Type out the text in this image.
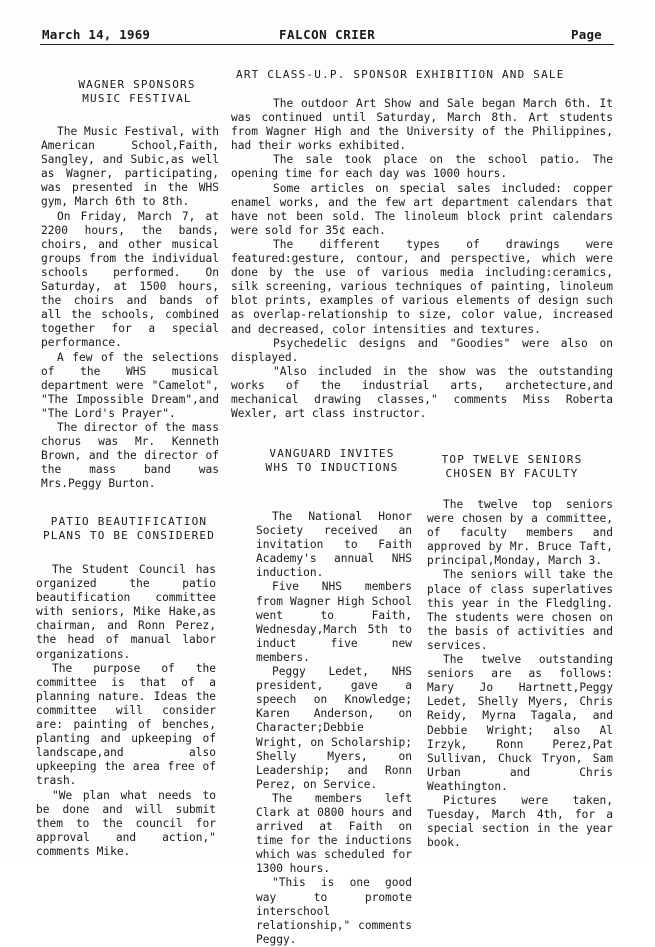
March 14, 1969	FALCON CRIER	Page
WAGNER SPONSORS
MUSIC FESTIVAL

The Music Festival, with American School,Faith, Sangley, and Subic,as well as Wagner, participating, was presented in the WHS gym, March 6th to 8th.

On Friday, March 7, at 2200 hours, the bands, choirs, and other musical groups from the individual schools performed. On Saturday, at 1500 hours, the choirs and bands of all the schools, combined together for a special performance.

A few of the selections of the WHS musical department were "Camelot", "The Impossible Dream",and "The Lord's Prayer".

The director of the mass chorus was Mr. Kenneth Brown, and the director of the mass band was Mrs.Peggy Burton.

ART CLASS-U.P. SPONSOR EXHIBITION AND SALE

The outdoor Art Show and Sale began March 6th. It was continued until Saturday, March 8th. Art students from Wagner High and the University of the Philippines, had their works exhibited.

The sale took place on the school patio. The opening time for each day was 1000 hours.

Some articles on special sales included: copper enamel works, and the few art department calendars that have not been sold. The linoleum block print calendars were sold for 35¢ each.

The different types of drawings were featured:gesture, contour, and perspective, which were done by the use of various media including:ceramics, silk screening, various techniques of painting, linoleum blot prints, examples of various elements of design such as overlap-relationship to size, color value, increased and decreased, color intensities and textures.

Psychedelic designs and "Goodies" were also on displayed.

"Also included in the show was the outstanding works of the industrial arts, archetecture,and mechanical drawing classes," comments Miss Roberta Wexler, art class instructor.

PATIO BEAUTIFICATION
PLANS TO BE CONSIDERED

The Student Council has organized the patio beautification committee with seniors, Mike Hake,as chairman, and Ronn Perez, the head of manual labor organizations.

The purpose of the committee is that of a planning nature. Ideas the committee will consider are: painting of benches, planting and upkeeping of landscape,and also upkeeping the area free of trash.

"We plan what needs to be done and will submit them to the council for approval and action," comments Mike.

VANGUARD INVITES
WHS TO INDUCTIONS

The National Honor Society received an invitation to Faith Academy's annual NHS induction.

Five NHS members from Wagner High School went to Faith, Wednesday,March 5th to induct five new members.

Peggy Ledet, NHS president, gave a speech on Knowledge; Karen Anderson, on Character;Debbie Wright, on Scholarship; Shelly Myers, on Leadership; and Ronn Perez, on Service.

The members left Clark at 0800 hours and arrived at Faith on time for the inductions which was scheduled for 1300 hours.

"This is one good way to promote interschool relationship," comments Peggy.

TOP TWELVE SENIORS
CHOSEN BY FACULTY

The twelve top seniors were chosen by a committee, of faculty members and approved by Mr. Bruce Taft, principal,Monday, March 3.

The seniors will take the place of class superlatives this year in the Fledgling. The students were chosen on the basis of activities and services.

The twelve outstanding seniors are as follows: Mary Jo Hartnett,Peggy Ledet, Shelly Myers, Chris Reidy, Myrna Tagala, and Debbie Wright; also Al Irzyk, Ronn Perez,Pat Sullivan, Chuck Tryon, Sam Urban and Chris Weathington.

Pictures were taken, Tuesday, March 4th, for a special section in the year book.
